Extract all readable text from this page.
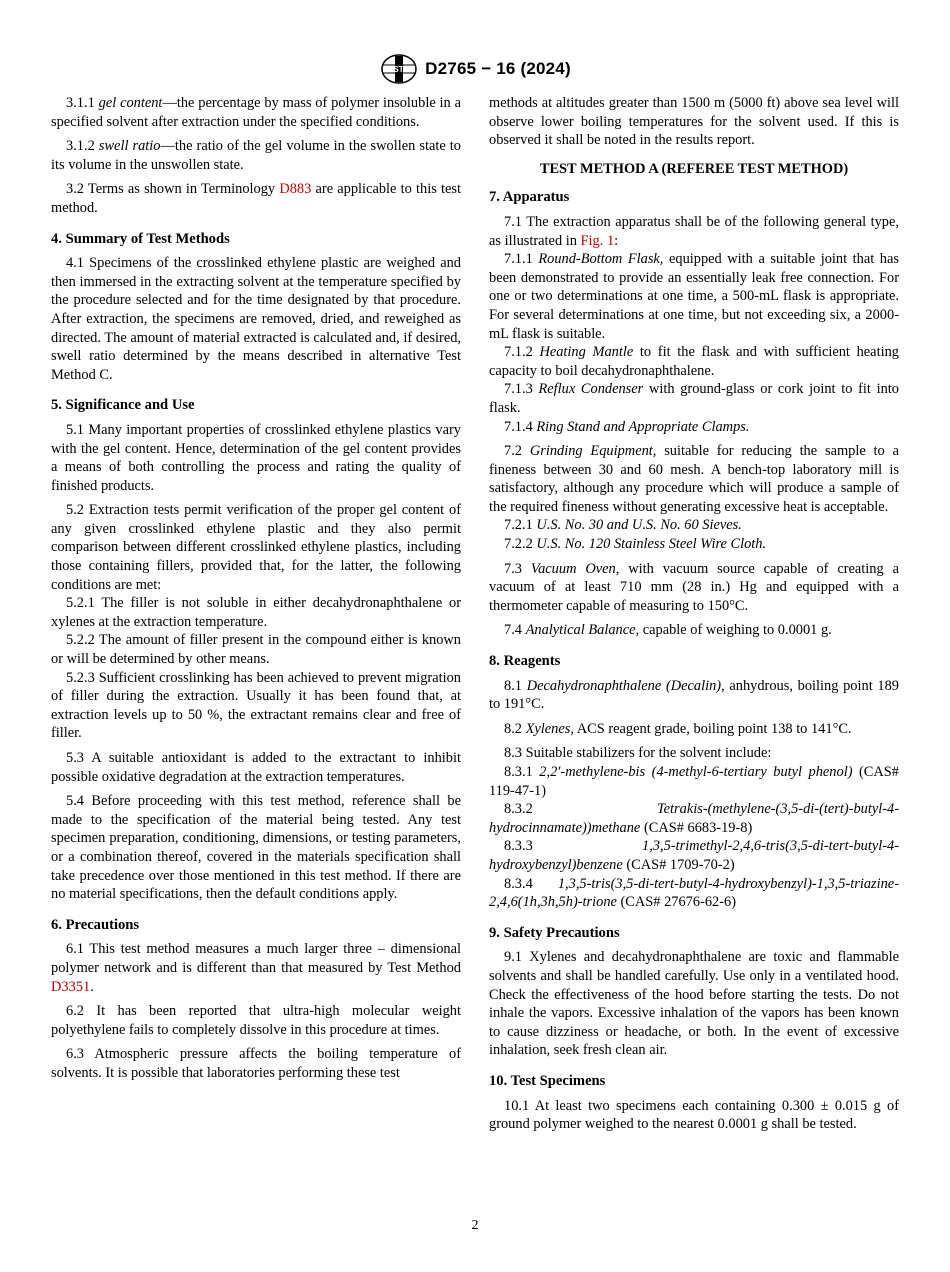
ASTM D2765 − 16 (2024)

3.1.1 gel content—the percentage by mass of polymer insoluble in a specified solvent after extraction under the specified conditions.

3.1.2 swell ratio—the ratio of the gel volume in the swollen state to its volume in the unswollen state.

3.2 Terms as shown in Terminology D883 are applicable to this test method.

4. Summary of Test Methods

4.1 Specimens of the crosslinked ethylene plastic are weighed and then immersed in the extracting solvent at the temperature specified by the procedure selected and for the time designated by that procedure. After extraction, the specimens are removed, dried, and reweighed as directed. The amount of material extracted is calculated and, if desired, swell ratio determined by the means described in alternative Test Method C.

5. Significance and Use

5.1 Many important properties of crosslinked ethylene plastics vary with the gel content. Hence, determination of the gel content provides a means of both controlling the process and rating the quality of finished products.

5.2 Extraction tests permit verification of the proper gel content of any given crosslinked ethylene plastic and they also permit comparison between different crosslinked ethylene plastics, including those containing fillers, provided that, for the latter, the following conditions are met:

5.2.1 The filler is not soluble in either decahydronaphthalene or xylenes at the extraction temperature.

5.2.2 The amount of filler present in the compound either is known or will be determined by other means.

5.2.3 Sufficient crosslinking has been achieved to prevent migration of filler during the extraction. Usually it has been found that, at extraction levels up to 50 %, the extractant remains clear and free of filler.

5.3 A suitable antioxidant is added to the extractant to inhibit possible oxidative degradation at the extraction temperatures.

5.4 Before proceeding with this test method, reference shall be made to the specification of the material being tested. Any test specimen preparation, conditioning, dimensions, or testing parameters, or a combination thereof, covered in the materials specification shall take precedence over those mentioned in this test method. If there are no material specifications, then the default conditions apply.

6. Precautions

6.1 This test method measures a much larger three – dimensional polymer network and is different than that measured by Test Method D3351.

6.2 It has been reported that ultra-high molecular weight polyethylene fails to completely dissolve in this procedure at times.

6.3 Atmospheric pressure affects the boiling temperature of solvents. It is possible that laboratories performing these test

methods at altitudes greater than 1500 m (5000 ft) above sea level will observe lower boiling temperatures for the solvent used. If this is observed it shall be noted in the results report.

TEST METHOD A (REFEREE TEST METHOD)
7. Apparatus

7.1 The extraction apparatus shall be of the following general type, as illustrated in Fig. 1:

7.1.1 Round-Bottom Flask, equipped with a suitable joint that has been demonstrated to provide an essentially leak free connection. For one or two determinations at one time, a 500-mL flask is appropriate. For several determinations at one time, but not exceeding six, a 2000-mL flask is suitable.

7.1.2 Heating Mantle to fit the flask and with sufficient heating capacity to boil decahydronaphthalene.

7.1.3 Reflux Condenser with ground-glass or cork joint to fit into flask.

7.1.4 Ring Stand and Appropriate Clamps.

7.2 Grinding Equipment, suitable for reducing the sample to a fineness between 30 and 60 mesh. A bench-top laboratory mill is satisfactory, although any procedure which will produce a sample of the required fineness without generating excessive heat is acceptable.

7.2.1 U.S. No. 30 and U.S. No. 60 Sieves.

7.2.2 U.S. No. 120 Stainless Steel Wire Cloth.

7.3 Vacuum Oven, with vacuum source capable of creating a vacuum of at least 710 mm (28 in.) Hg and equipped with a thermometer capable of measuring to 150°C.

7.4 Analytical Balance, capable of weighing to 0.0001 g.

8. Reagents

8.1 Decahydronaphthalene (Decalin), anhydrous, boiling point 189 to 191°C.

8.2 Xylenes, ACS reagent grade, boiling point 138 to 141°C.

8.3 Suitable stabilizers for the solvent include:

8.3.1 2,2′-methylene-bis (4-methyl-6-tertiary butyl phenol) (CAS# 119-47-1)

8.3.2	Tetrakis-(methylene-(3,5-di-(tert)-butyl-4-hydrocinnamate))methane (CAS# 6683-19-8)

8.3.3	1,3,5-trimethyl-2,4,6-tris(3,5-di-tert-butyl-4-hydroxybenzyl)benzene (CAS# 1709-70-2)

8.3.4 1,3,5-tris(3,5-di-tert-butyl-4-hydroxybenzyl)-1,3,5-triazine-2,4,6(1h,3h,5h)-trione (CAS# 27676-62-6)

9. Safety Precautions

9.1 Xylenes and decahydronaphthalene are toxic and flammable solvents and shall be handled carefully. Use only in a ventilated hood. Check the effectiveness of the hood before starting the tests. Do not inhale the vapors. Excessive inhalation of the vapors has been known to cause dizziness or headache, or both. In the event of excessive inhalation, seek fresh clean air.

10. Test Specimens

10.1 At least two specimens each containing 0.300 ± 0.015 g of ground polymer weighed to the nearest 0.0001 g shall be tested.

2
